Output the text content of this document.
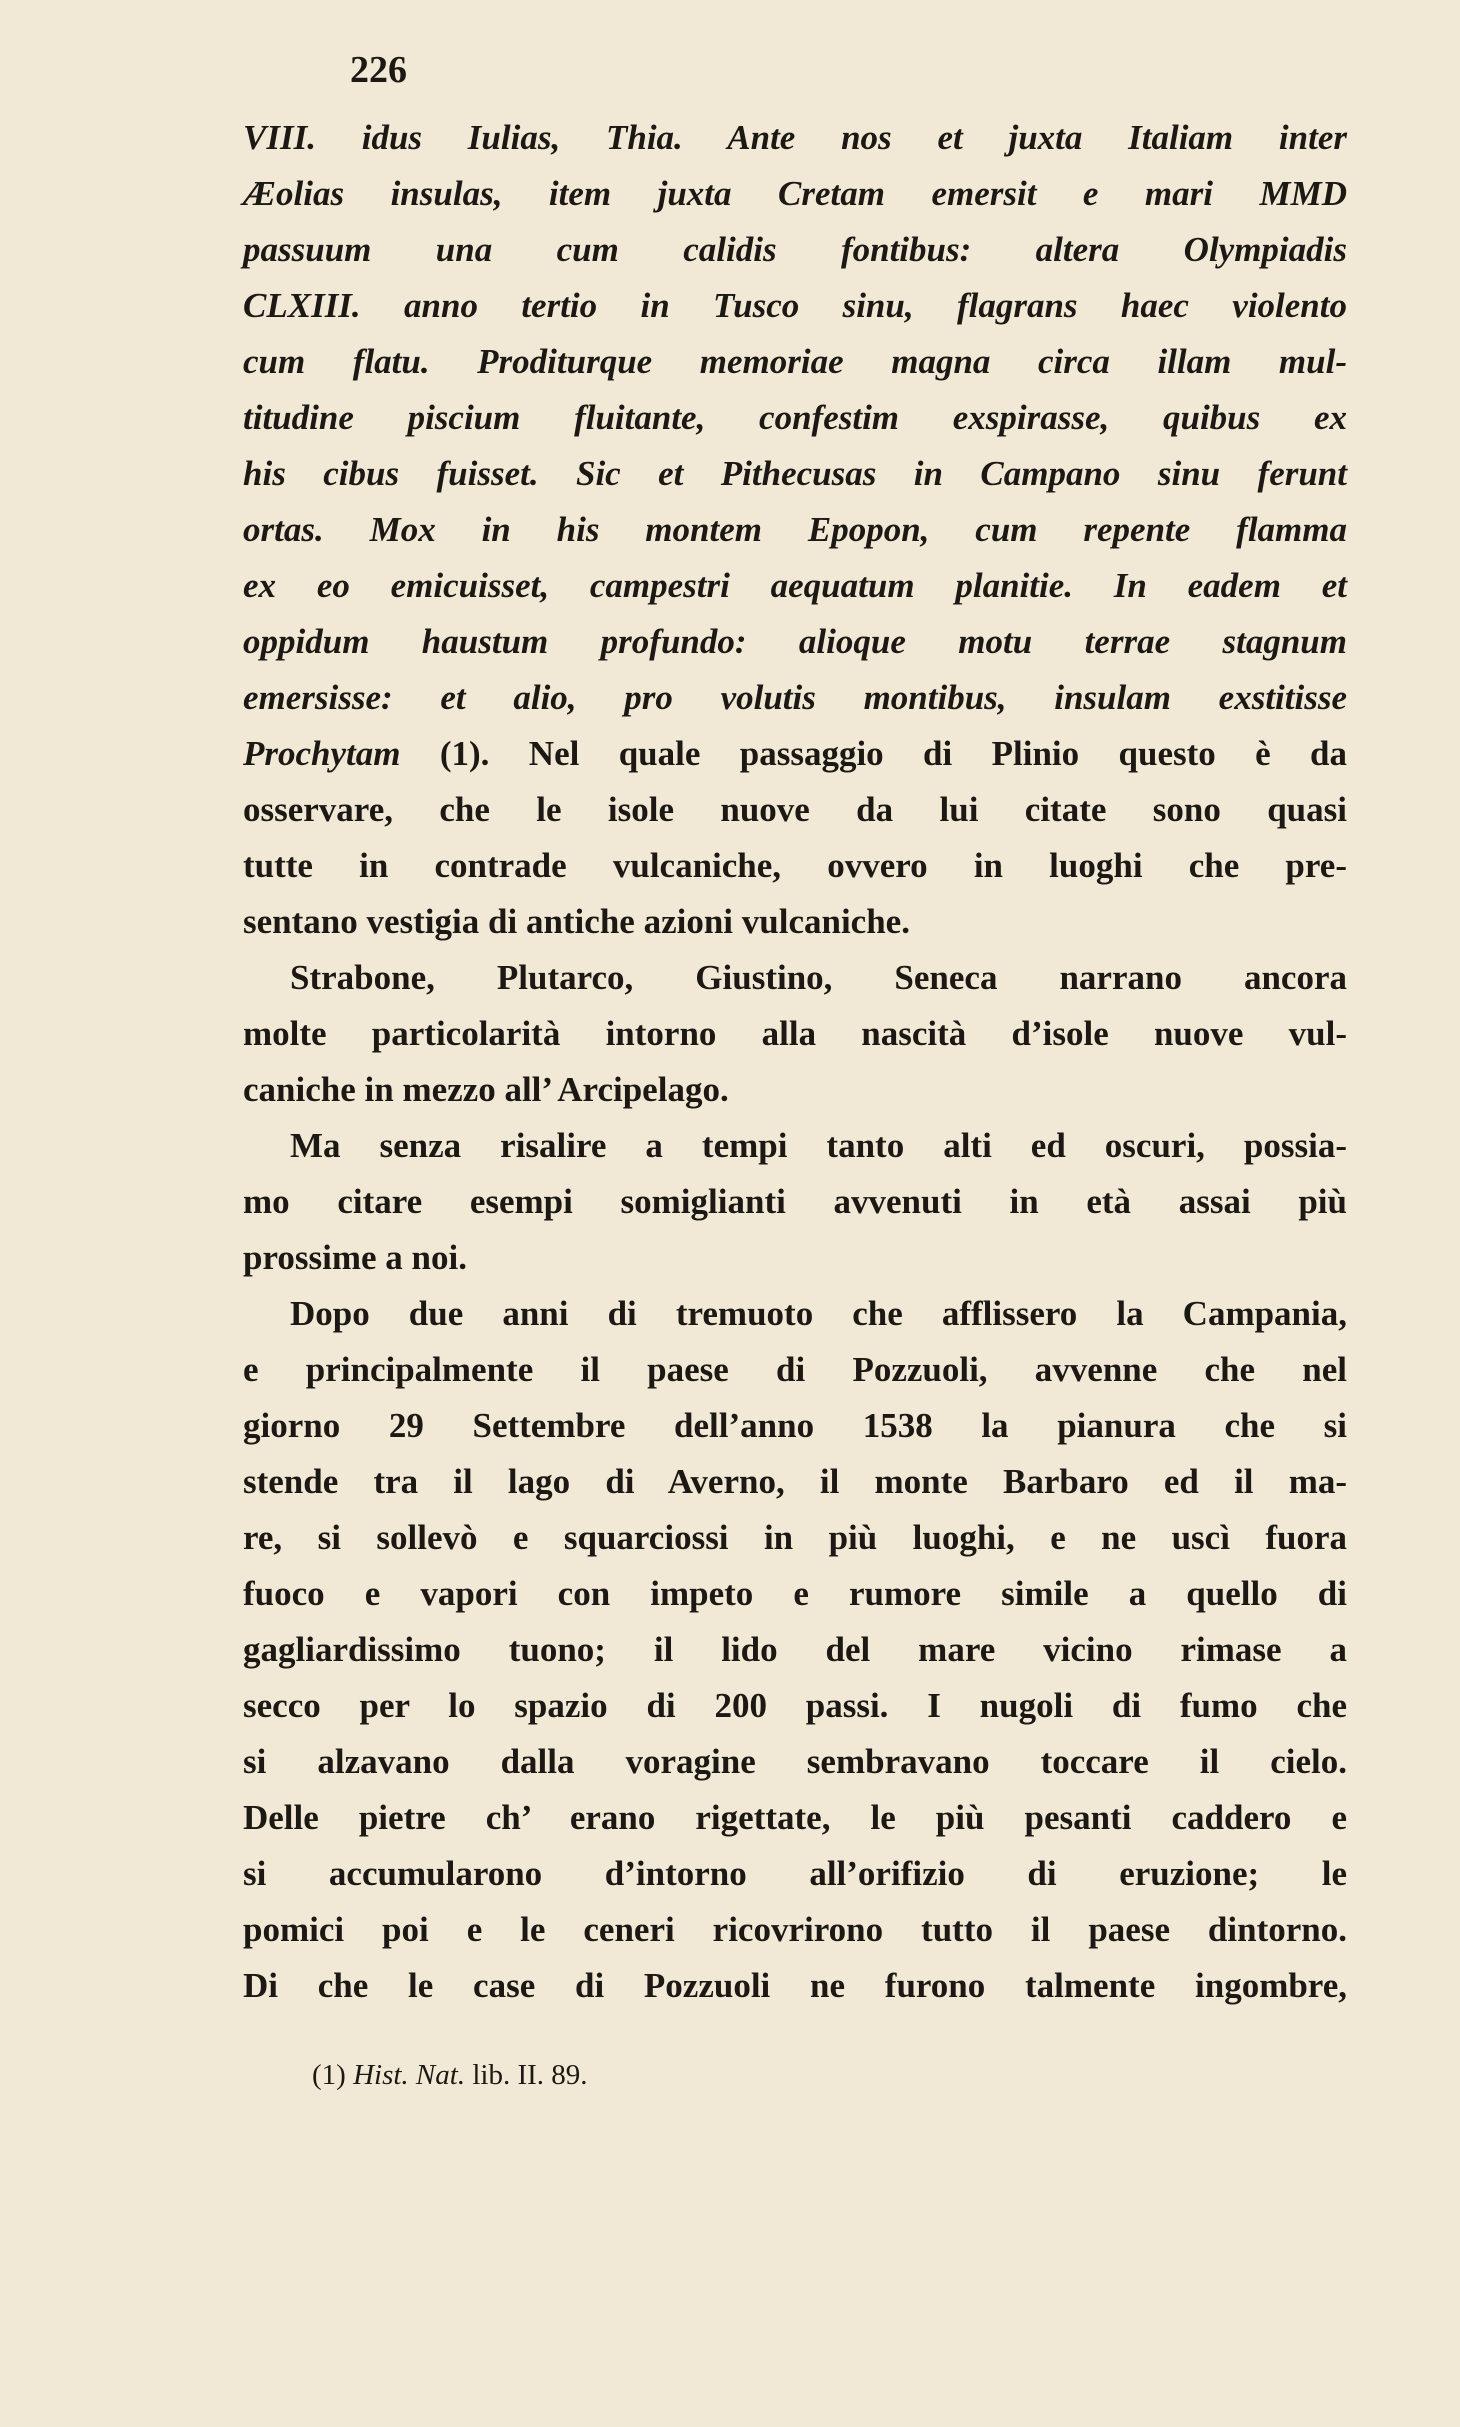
226
VIII. idus Iulias, Thia. Ante nos et juxta Italiam inter
Æolias insulas, item juxta Cretam emersit e mari MMD
passuum una cum calidis fontibus: altera Olympiadis
CLXIII. anno tertio in Tusco sinu, flagrans haec violento
cum flatu. Proditurque memoriae magna circa illam mul-
titudine piscium fluitante, confestim exspirasse, quibus ex
his cibus fuisset. Sic et Pithecusas in Campano sinu ferunt
ortas. Mox in his montem Epopon, cum repente flamma
ex eo emicuisset, campestri aequatum planitie. In eadem et
oppidum haustum profundo: alioque motu terrae stagnum
emersisse: et alio, pro volutis montibus, insulam exstitisse
Prochytam (1). Nel quale passaggio di Plinio questo è da
osservare, che le isole nuove da lui citate sono quasi
tutte in contrade vulcaniche, ovvero in luoghi che pre-
sentano vestigia di antiche azioni vulcaniche.
Strabone, Plutarco, Giustino, Seneca narrano ancora
molte particolarità intorno alla nascità d’isole nuove vul-
caniche in mezzo all’ Arcipelago.
Ma senza risalire a tempi tanto alti ed oscuri, possia-
mo citare esempi somiglianti avvenuti in età assai più
prossime a noi.
Dopo due anni di tremuoto che afflissero la Campania,
e principalmente il paese di Pozzuoli, avvenne che nel
giorno 29 Settembre dell’anno 1538 la pianura che si
stende tra il lago di Averno, il monte Barbaro ed il ma-
re, si sollevò e squarciossi in più luoghi, e ne uscì fuora
fuoco e vapori con impeto e rumore simile a quello di
gagliardissimo tuono; il lido del mare vicino rimase a
secco per lo spazio di 200 passi. I nugoli di fumo che
si alzavano dalla voragine sembravano toccare il cielo.
Delle pietre ch’ erano rigettate, le più pesanti caddero e
si accumularono d’intorno all’orifizio di eruzione; le
pomici poi e le ceneri ricovrirono tutto il paese dintorno.
Di che le case di Pozzuoli ne furono talmente ingombre,
(1) Hist. Nat. lib. II. 89.
